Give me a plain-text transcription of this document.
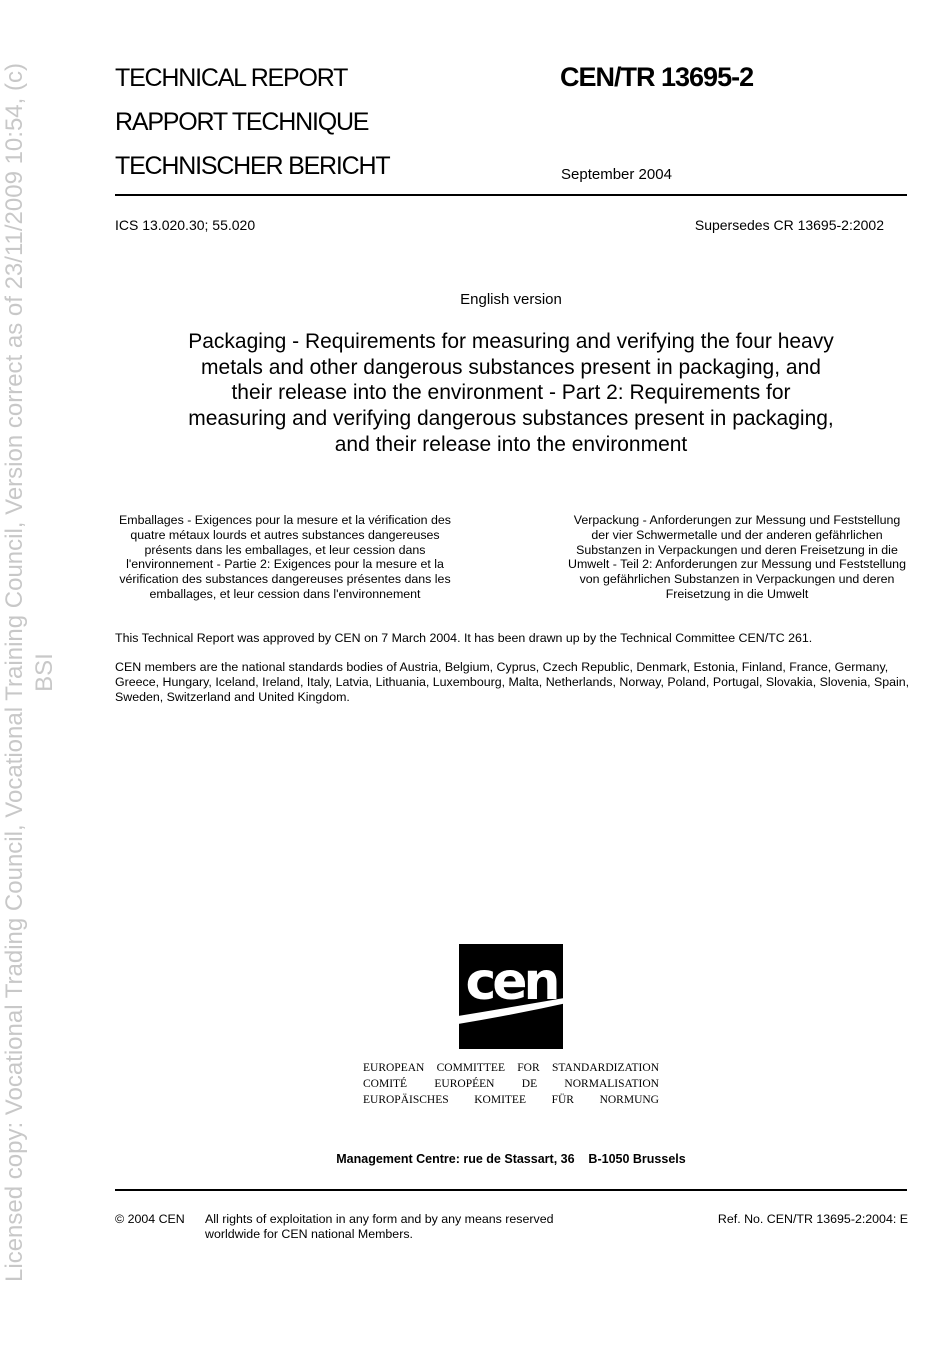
Licensed copy: Vocational Trading Council, Vocational Training Council, Version correct as of 23/11/2009 10:54, (c) BSI
TECHNICAL REPORT
RAPPORT TECHNIQUE
TECHNISCHER BERICHT
CEN/TR 13695-2
September 2004
ICS 13.020.30; 55.020	Supersedes CR 13695-2:2002
English version
Packaging - Requirements for measuring and verifying the four heavy metals and other dangerous substances present in packaging, and their release into the environment - Part 2: Requirements for measuring and verifying dangerous substances present in packaging, and their release into the environment
Emballages - Exigences pour la mesure et la vérification des quatre métaux lourds et autres substances dangereuses présents dans les emballages, et leur cession dans l'environnement - Partie 2: Exigences pour la mesure et la vérification des substances dangereuses présentes dans les emballages, et leur cession dans l'environnement
Verpackung - Anforderungen zur Messung und Feststellung der vier Schwermetalle und der anderen gefährlichen Substanzen in Verpackungen und deren Freisetzung in die Umwelt - Teil 2: Anforderungen zur Messung und Feststellung von gefährlichen Substanzen in Verpackungen und deren Freisetzung in die Umwelt
This Technical Report was approved by CEN on 7 March 2004. It has been drawn up by the Technical Committee CEN/TC 261.
CEN members are the national standards bodies of Austria, Belgium, Cyprus, Czech Republic, Denmark, Estonia, Finland, France, Germany, Greece, Hungary, Iceland, Ireland, Italy, Latvia, Lithuania, Luxembourg, Malta, Netherlands, Norway, Poland, Portugal, Slovakia, Slovenia, Spain, Sweden, Switzerland and United Kingdom.
cen
EUROPEAN COMMITTEE FOR STANDARDIZATION
COMITÉ EUROPÉEN DE NORMALISATION
EUROPÄISCHES KOMITEE FÜR NORMUNG
Management Centre: rue de Stassart, 36    B-1050 Brussels
© 2004 CEN All rights of exploitation in any form and by any means reserved
worldwide for CEN national Members.
Ref. No. CEN/TR 13695-2:2004: E
